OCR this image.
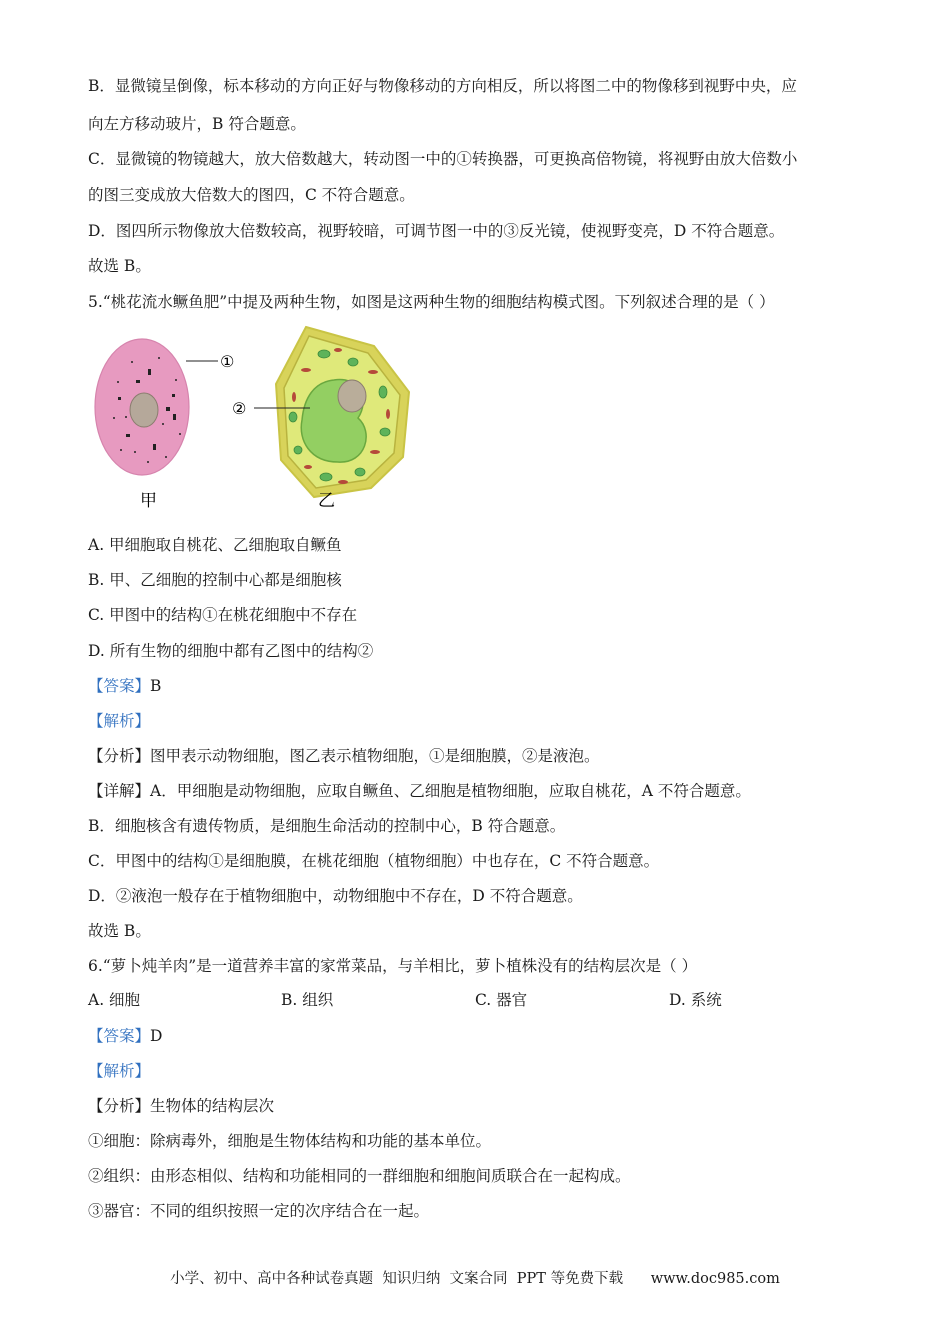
B．显微镜呈倒像，标本移动的方向正好与物像移动的方向相反，所以将图二中的物像移到视野中央，应
向左方移动玻片，B 符合题意。
C．显微镜的物镜越大，放大倍数越大，转动图一中的①转换器，可更换高倍物镜，将视野由放大倍数小
的图三变成放大倍数大的图四，C 不符合题意。
D．图四所示物像放大倍数较高，视野较暗，可调节图一中的③反光镜，使视野变亮，D 不符合题意。
故选 B。
5.“桃花流水鳜鱼肥”中提及两种生物，如图是这两种生物的细胞结构模式图。下列叙述合理的是（ ）
①
②
甲	乙
A. 甲细胞取自桃花、乙细胞取自鳜鱼
B. 甲、乙细胞的控制中心都是细胞核
C. 甲图中的结构①在桃花细胞中不存在
D. 所有生物的细胞中都有乙图中的结构②
【答案】B
【解析】
【分析】图甲表示动物细胞，图乙表示植物细胞，①是细胞膜，②是液泡。
【详解】A．甲细胞是动物细胞，应取自鳜鱼、乙细胞是植物细胞，应取自桃花，A 不符合题意。
B．细胞核含有遗传物质，是细胞生命活动的控制中心，B 符合题意。
C．甲图中的结构①是细胞膜，在桃花细胞（植物细胞）中也存在，C 不符合题意。
D．②液泡一般存在于植物细胞中，动物细胞中不存在，D 不符合题意。
故选 B。
6.“萝卜炖羊肉”是一道营养丰富的家常菜品，与羊相比，萝卜植株没有的结构层次是（ ）
A. 细胞	B. 组织	C. 器官	D. 系统
【答案】D
【解析】
【分析】生物体的结构层次
①细胞：除病毒外，细胞是生物体结构和功能的基本单位。
②组织：由形态相似、结构和功能相同的一群细胞和细胞间质联合在一起构成。
③器官：不同的组织按照一定的次序结合在一起。
小学、初中、高中各种试卷真题  知识归纳  文案合同  PPT 等免费下载      www.doc985.com
